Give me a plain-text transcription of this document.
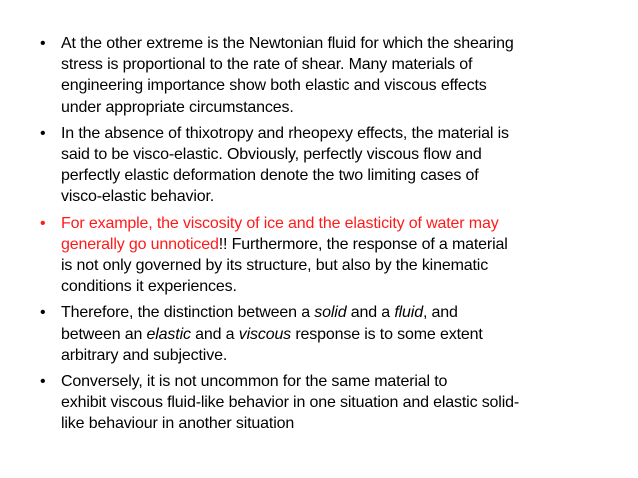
• At the other extreme is the Newtonian fluid for which the shearing
stress is proportional to the rate of shear. Many materials of
engineering importance show both elastic and viscous effects
under appropriate circumstances.
• In the absence of thixotropy and rheopexy effects, the material is
said to be visco-elastic. Obviously, perfectly viscous flow and
perfectly elastic deformation denote the two limiting cases of
visco-elastic behavior.
• For example, the viscosity of ice and the elasticity of water may
generally go unnoticed!! Furthermore, the response of a material
is not only governed by its structure, but also by the kinematic
conditions it experiences.
• Therefore, the distinction between a solid and a fluid, and
between an elastic and a viscous response is to some extent
arbitrary and subjective.
• Conversely, it is not uncommon for the same material to
exhibit viscous fluid-like behavior in one situation and elastic solid-
like behaviour in another situation
